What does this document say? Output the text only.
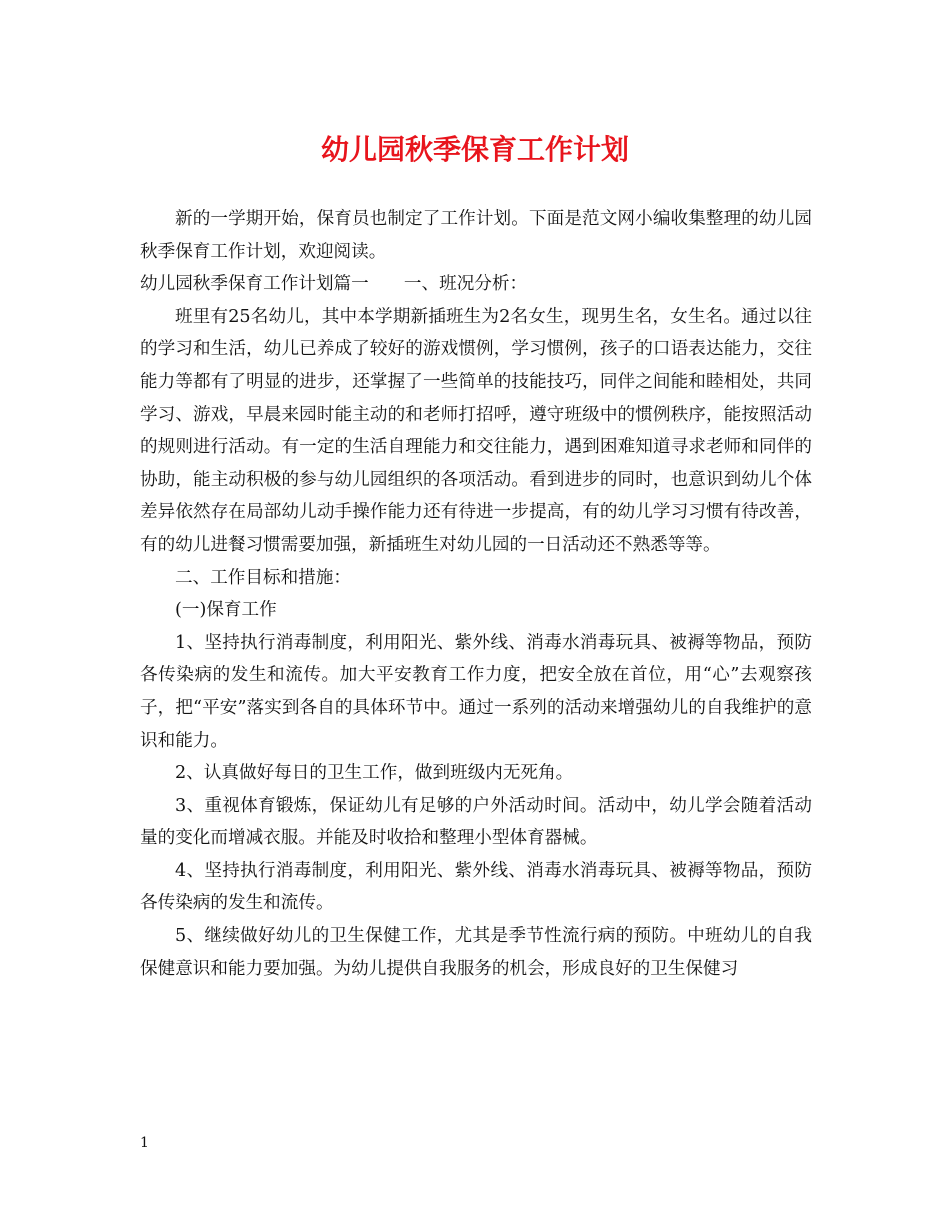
幼儿园秋季保育工作计划

新的一学期开始，保育员也制定了工作计划。下面是范文网小编收集整理的幼儿园秋季保育工作计划，欢迎阅读。

幼儿园秋季保育工作计划篇一　　一、班况分析：

班里有25名幼儿，其中本学期新插班生为2名女生，现男生名，女生名。通过以往的学习和生活，幼儿已养成了较好的游戏惯例，学习惯例，孩子的口语表达能力，交往能力等都有了明显的进步，还掌握了一些简单的技能技巧，同伴之间能和睦相处，共同学习、游戏，早晨来园时能主动的和老师打招呼，遵守班级中的惯例秩序，能按照活动的规则进行活动。有一定的生活自理能力和交往能力，遇到困难知道寻求老师和同伴的协助，能主动积极的参与幼儿园组织的各项活动。看到进步的同时，也意识到幼儿个体差异依然存在局部幼儿动手操作能力还有待进一步提高，有的幼儿学习习惯有待改善，有的幼儿进餐习惯需要加强，新插班生对幼儿园的一日活动还不熟悉等等。

二、工作目标和措施：

(一)保育工作

1、坚持执行消毒制度，利用阳光、紫外线、消毒水消毒玩具、被褥等物品，预防各传染病的发生和流传。加大平安教育工作力度，把安全放在首位，用“心”去观察孩子，把“平安”落实到各自的具体环节中。通过一系列的活动来增强幼儿的自我维护的意识和能力。

2、认真做好每日的卫生工作，做到班级内无死角。

3、重视体育锻炼，保证幼儿有足够的户外活动时间。活动中，幼儿学会随着活动量的变化而增减衣服。并能及时收拾和整理小型体育器械。

4、坚持执行消毒制度，利用阳光、紫外线、消毒水消毒玩具、被褥等物品，预防各传染病的发生和流传。

5、继续做好幼儿的卫生保健工作，尤其是季节性流行病的预防。中班幼儿的自我保健意识和能力要加强。为幼儿提供自我服务的机会，形成良好的卫生保健习

1
